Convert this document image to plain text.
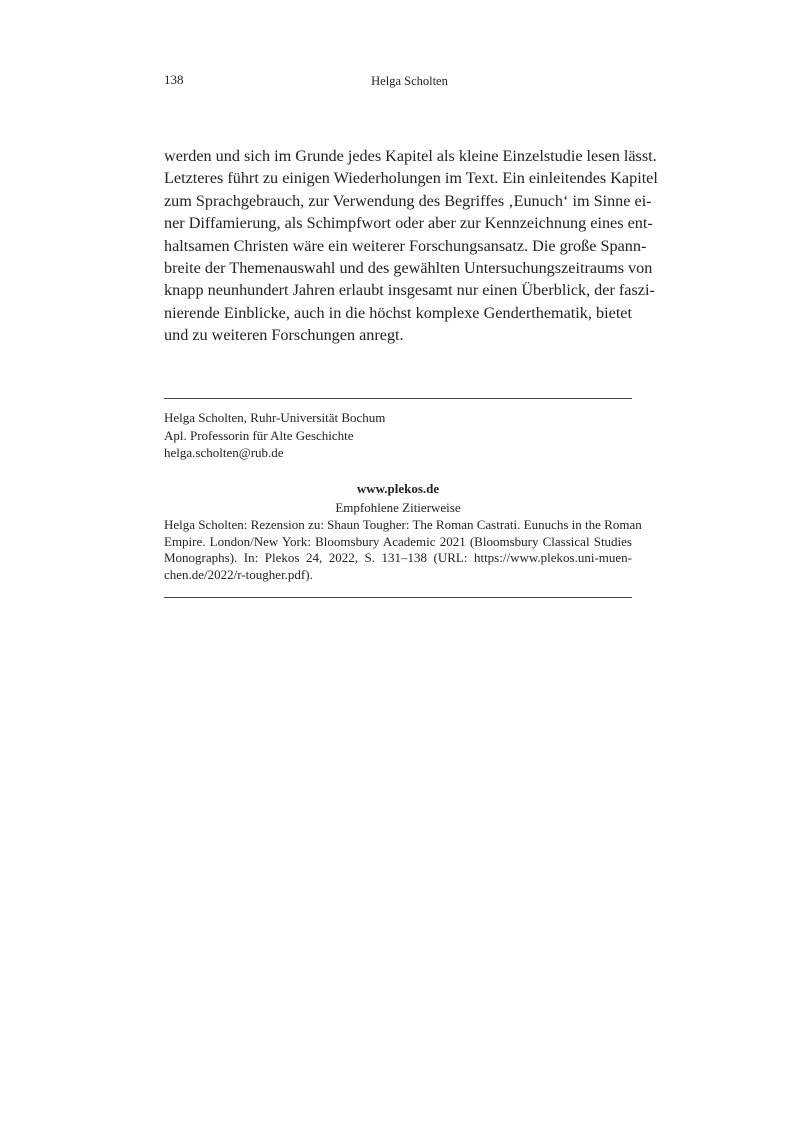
138	Helga Scholten
werden und sich im Grunde jedes Kapitel als kleine Einzelstudie lesen lässt.
Letzteres führt zu einigen Wiederholungen im Text. Ein einleitendes Kapitel
zum Sprachgebrauch, zur Verwendung des Begriffes ‚Eunuch‘ im Sinne ei-
ner Diffamierung, als Schimpfwort oder aber zur Kennzeichnung eines ent-
haltsamen Christen wäre ein weiterer Forschungsansatz. Die große Spann-
breite der Themenauswahl und des gewählten Untersuchungszeitraums von
knapp neunhundert Jahren erlaubt insgesamt nur einen Überblick, der faszi-
nierende Einblicke, auch in die höchst komplexe Genderthematik, bietet
und zu weiteren Forschungen anregt.
Helga Scholten, Ruhr-Universität Bochum
Apl. Professorin für Alte Geschichte
helga.scholten@rub.de
www.plekos.de
Empfohlene Zitierweise
Helga Scholten: Rezension zu: Shaun Tougher: The Roman Castrati. Eunuchs in the Roman
Empire. London/New York: Bloomsbury Academic 2021 (Bloomsbury Classical Studies
Monographs). In: Plekos 24, 2022, S. 131–138 (URL: https://www.plekos.uni-muen-
chen.de/2022/r-tougher.pdf).
